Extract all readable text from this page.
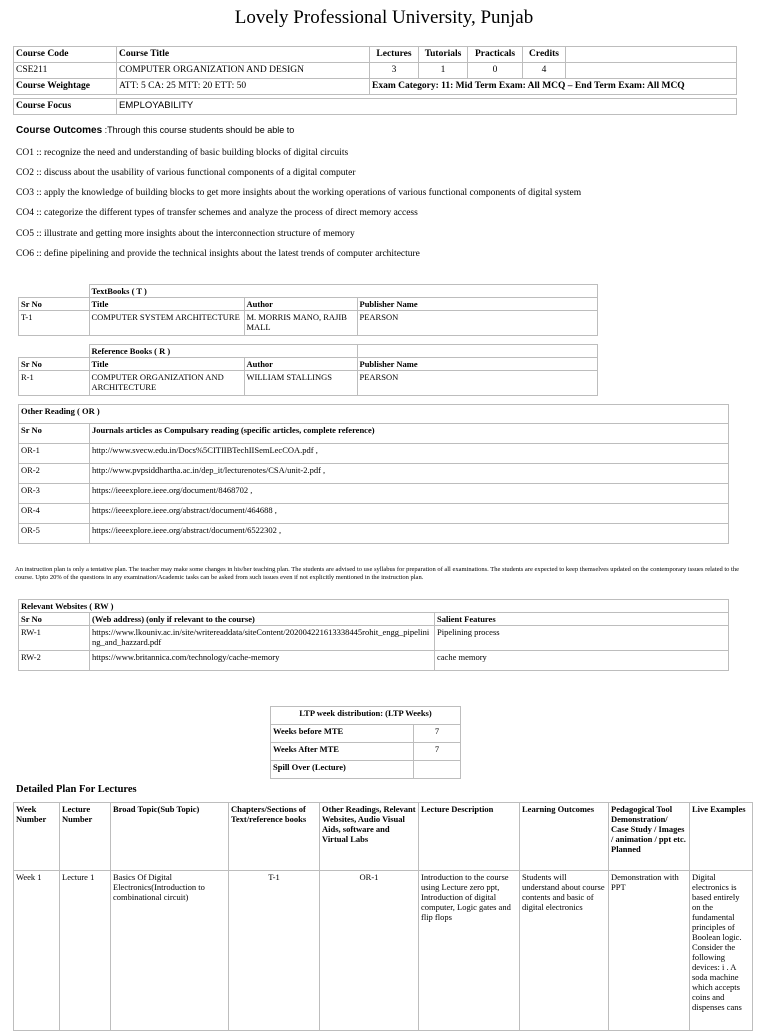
Lovely Professional University, Punjab
Course Code	Course Title	Lectures	Tutorials	Practicals	Credits	
CSE211	COMPUTER ORGANIZATION AND DESIGN	3	1	0	4	
Course Weightage	ATT: 5 CA: 25 MTT: 20 ETT: 50	Exam Category: 11: Mid Term Exam: All MCQ – End Term Exam: All MCQ				
Course Focus	EMPLOYABILITY
Course Outcomes :Through this course students should be able to
CO1 :: recognize the need and understanding of basic building blocks of digital circuits
CO2 :: discuss about the usability of various functional components of a digital computer
CO3 :: apply the knowledge of building blocks to get more insights about the working operations of various functional components of digital system
CO4 :: categorize the different types of transfer schemes and analyze the process of direct memory access
CO5 :: illustrate and getting more insights about the interconnection structure of memory
CO6 :: define pipelining and provide the technical insights about the latest trends of computer architecture
	TextBooks ( T )		
Sr No	Title	Author	Publisher Name
T-1	COMPUTER SYSTEM ARCHITECTURE	M. MORRIS MANO, RAJIB MALL	PEARSON
	Reference Books ( R )		
Sr No	Title	Author	Publisher Name
R-1	COMPUTER ORGANIZATION AND ARCHITECTURE	WILLIAM STALLINGS	PEARSON
Other Reading ( OR )	
Sr No	Journals articles as Compulsary reading (specific articles, complete reference)
OR-1	http://www.svecw.edu.in/Docs%5CITIIBTechIISemLecCOA.pdf ,
OR-2	http://www.pvpsiddhartha.ac.in/dep_it/lecturenotes/CSA/unit-2.pdf ,
OR-3	https://ieeexplore.ieee.org/document/8468702 ,
OR-4	https://ieeexplore.ieee.org/abstract/document/464688 ,
OR-5	https://ieeexplore.ieee.org/abstract/document/6522302 ,
An instruction plan is only a tentative plan. The teacher may make some changes in his/her teaching plan. The students are advised to use syllabus for preparation of all examinations. The students are expected to keep themselves updated on the contemporary issues related to the course. Upto 20% of the questions in any examination/Academic tasks can be asked from such issues even if not explicitly mentioned in the instruction plan.
Relevant Websites ( RW )		
Sr No	(Web address) (only if relevant to the course)	Salient Features
RW-1	https://www.lkouniv.ac.in/site/writereaddata/siteContent/202004221613338445rohit_engg_pipelining_and_hazzard.pdf	Pipelining process
RW-2	https://www.britannica.com/technology/cache-memory	cache memory
LTP week distribution: (LTP Weeks)	
Weeks before MTE	7
Weeks After MTE	7
Spill Over (Lecture)	
Detailed Plan For Lectures
Week Number	Lecture Number	Broad Topic(Sub Topic)	Chapters/Sections of Text/reference books	Other Readings, Relevant Websites, Audio Visual Aids, software and Virtual Labs	Lecture Description	Learning Outcomes	Pedagogical Tool Demonstration/ Case Study / Images / animation / ppt etc. Planned	Live Examples
Week 1	Lecture 1	Basics Of Digital Electronics(Introduction to combinational circuit)	T-1	OR-1	Introduction to the course using Lecture zero ppt, Introduction of digital computer, Logic gates and flip flops	Students will understand about course contents and basic of digital electronics	Demonstration with PPT	Digital electronics is based entirely on the fundamental principles of Boolean logic. Consider the following devices: i . A soda machine which accepts coins and dispenses cans
